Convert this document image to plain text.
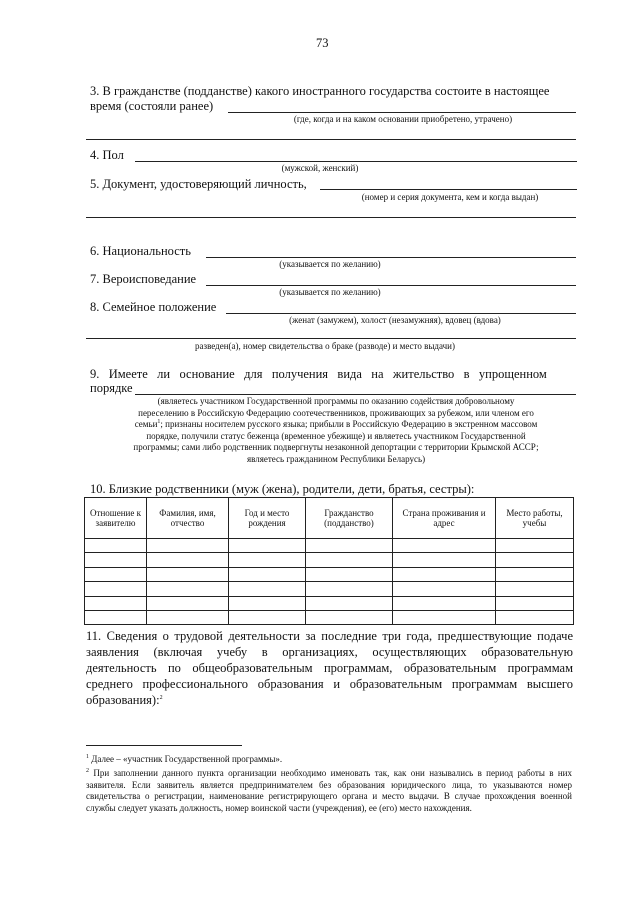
73
3. В гражданстве (подданстве) какого иностранного государства состоите в настоящее
время (состояли ранее)
(где, когда и на каком основании приобретено, утрачено)
4. Пол
(мужской, женский)
5. Документ, удостоверяющий личность,
(номер и серия документа, кем и когда выдан)
6. Национальность
(указывается по желанию)
7. Вероисповедание
(указывается по желанию)
8. Семейное положение
(женат (замужем), холост (незамужняя), вдовец (вдова)
разведен(а), номер свидетельства о браке (разводе) и место выдачи)
9.   Имеете   ли   основание   для   получения   вида   на   жительство   в   упрощенном
порядке
(являетесь участником Государственной программы по оказанию содействия добровольному
переселению в Российскую Федерацию соотечественников, проживающих за рубежом, или членом его
семьи$^1$; признаны носителем русского языка; прибыли в Российскую Федерацию в экстренном массовом
порядке, получили статус беженца (временное убежище) и являетесь участником Государственной
программы; сами либо родственник подвергнуты незаконной депортации с территории Крымской АССР;
являетесь гражданином Республики Беларусь)
10. Близкие родственники (муж (жена), родители, дети, братья, сестры):
Отношение к заявителю	Фамилия, имя, отчество	Год и место рождения	Гражданство (подданство)	Страна проживания и адрес	Место работы, учебы

11. Сведения о трудовой деятельности за последние три года, предшествующие подаче
заявления (включая учебу в организациях, осуществляющих образовательную
деятельность по общеобразовательным программам, образовательным программам
среднего профессионального образования и образовательным программам высшего
образования):$^2$
$^1$ Далее – «участник Государственной программы».
$^2$ При заполнении данного пункта организации необходимо именовать так, как они назывались в период работы в них заявителя. Если заявитель является предпринимателем без образования юридического лица, то указываются номер свидетельства о регистрации, наименование регистрирующего органа и место выдачи. В случае прохождения военной службы следует указать должность, номер воинской части (учреждения), ее (его) место нахождения.
